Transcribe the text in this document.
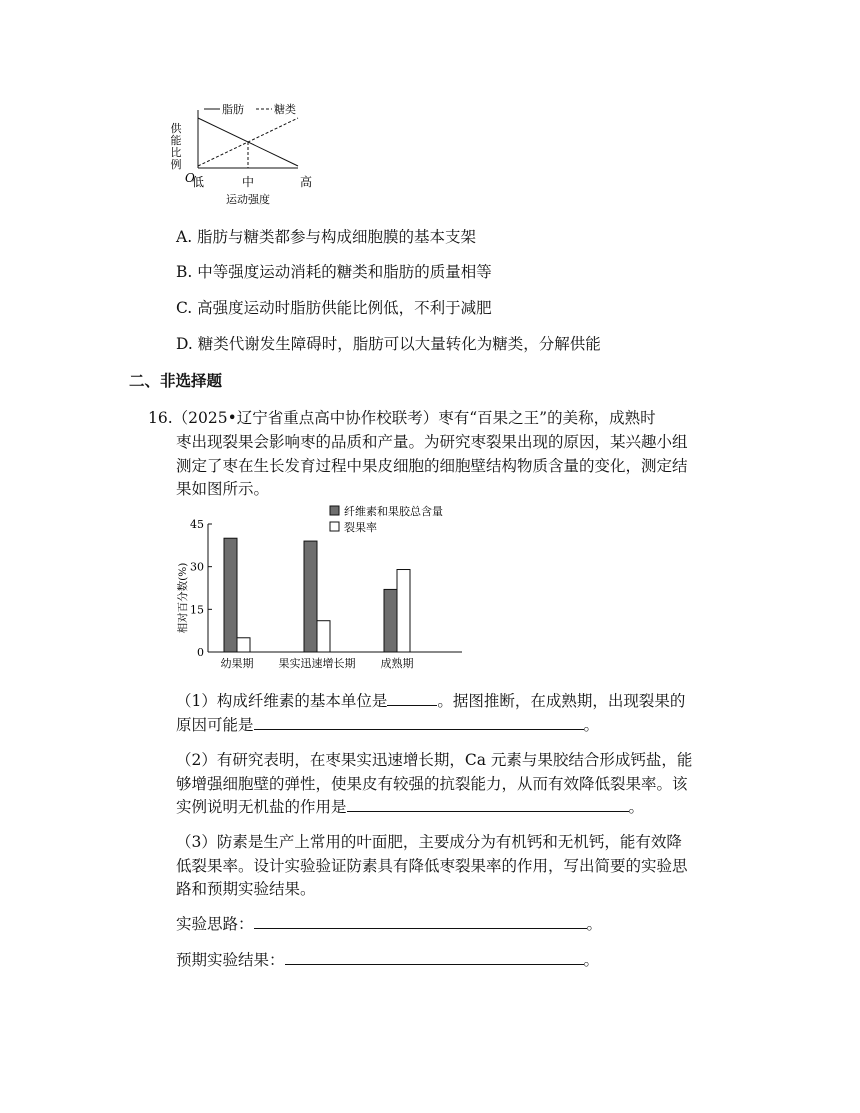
脂肪	糖类
供
能
比
例
O
低	中	高
运动强度
A. 脂肪与糖类都参与构成细胞膜的基本支架
B. 中等强度运动消耗的糖类和脂肪的质量相等
C. 高强度运动时脂肪供能比例低，不利于减肥
D. 糖类代谢发生障碍时，脂肪可以大量转化为糖类，分解供能
二、非选择题
16.（2025•辽宁省重点高中协作校联考）枣有“百果之王”的美称，成熟时
枣出现裂果会影响枣的品质和产量。为研究枣裂果出现的原因，某兴趣小组
测定了枣在生长发育过程中果皮细胞的细胞壁结构物质含量的变化，测定结
果如图所示。
0
15
30
45
相对百分数(%)
纤维素和果胶总含量
裂果率
幼果期 果实迅速增长期 成熟期
（1）构成纤维素的基本单位是	。据图推断，在成熟期，出现裂果的
原因可能是	。
（2）有研究表明，在枣果实迅速增长期，Ca 元素与果胶结合形成钙盐，能
够增强细胞壁的弹性，使果皮有较强的抗裂能力，从而有效降低裂果率。该
实例说明无机盐的作用是	。
（3）防素是生产上常用的叶面肥，主要成分为有机钙和无机钙，能有效降
低裂果率。设计实验验证防素具有降低枣裂果率的作用，写出简要的实验思
路和预期实验结果。
实验思路：	。
预期实验结果：	。
